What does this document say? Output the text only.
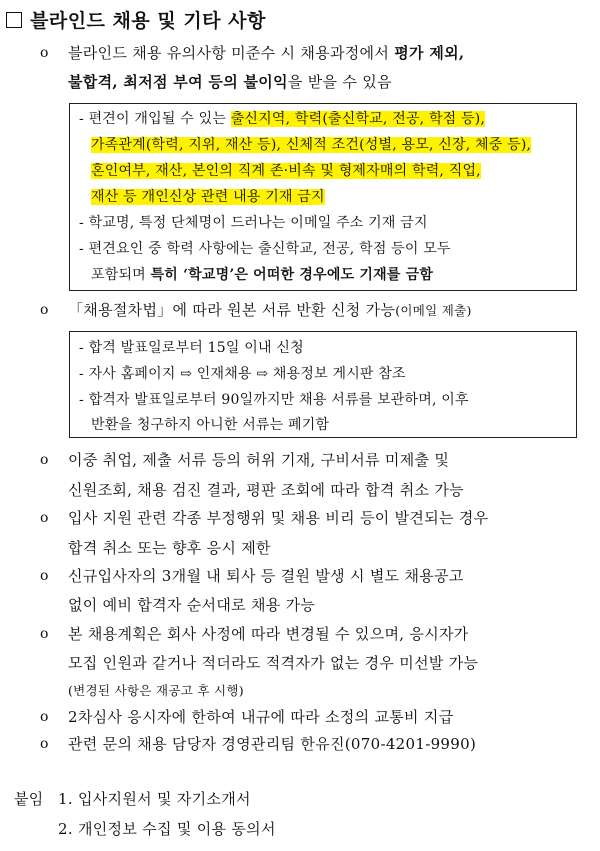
블라인드 채용 및 기타 사항
o 블라인드 채용 유의사항 미준수 시 채용과정에서 평가 제외,
불합격, 최저점 부여 등의 불이익을 받을 수 있음
- 편견이 개입될 수 있는 출신지역, 학력(출신학교, 전공, 학점 등),
가족관계(학력, 지위, 재산 등), 신체적 조건(성별, 용모, 신장, 체중 등),
혼인여부, 재산, 본인의 직계 존·비속 및 형제자매의 학력, 직업,
재산 등 개인신상 관련 내용 기재 금지
- 학교명, 특정 단체명이 드러나는 이메일 주소 기재 금지
- 편견요인 중 학력 사항에는 출신학교, 전공, 학점 등이 모두
포함되며 특히 ‘학교명’은 어떠한 경우에도 기재를 금함
o 「채용절차법」에 따라 원본 서류 반환 신청 가능(이메일 제출)
- 합격 발표일로부터 15일 이내 신청
- 자사 홈페이지 ⇨ 인재채용 ⇨ 채용정보 게시판 참조
- 합격자 발표일로부터 90일까지만 채용 서류를 보관하며, 이후
반환을 청구하지 아니한 서류는 폐기함
o 이중 취업, 제출 서류 등의 허위 기재, 구비서류 미제출 및
신원조회, 채용 검진 결과, 평판 조회에 따라 합격 취소 가능
o 입사 지원 관련 각종 부정행위 및 채용 비리 등이 발견되는 경우
합격 취소 또는 향후 응시 제한
o 신규입사자의 3개월 내 퇴사 등 결원 발생 시 별도 채용공고
없이 예비 합격자 순서대로 채용 가능
o 본 채용계획은 회사 사정에 따라 변경될 수 있으며, 응시자가
모집 인원과 같거나 적더라도 적격자가 없는 경우 미선발 가능
(변경된 사항은 재공고 후 시행)
o 2차심사 응시자에 한하여 내규에 따라 소정의 교통비 지급
o 관련 문의 채용 담당자 경영관리팀 한유진(070-4201-9990)
붙임 1. 입사지원서 및 자기소개서
2. 개인정보 수집 및 이용 동의서
